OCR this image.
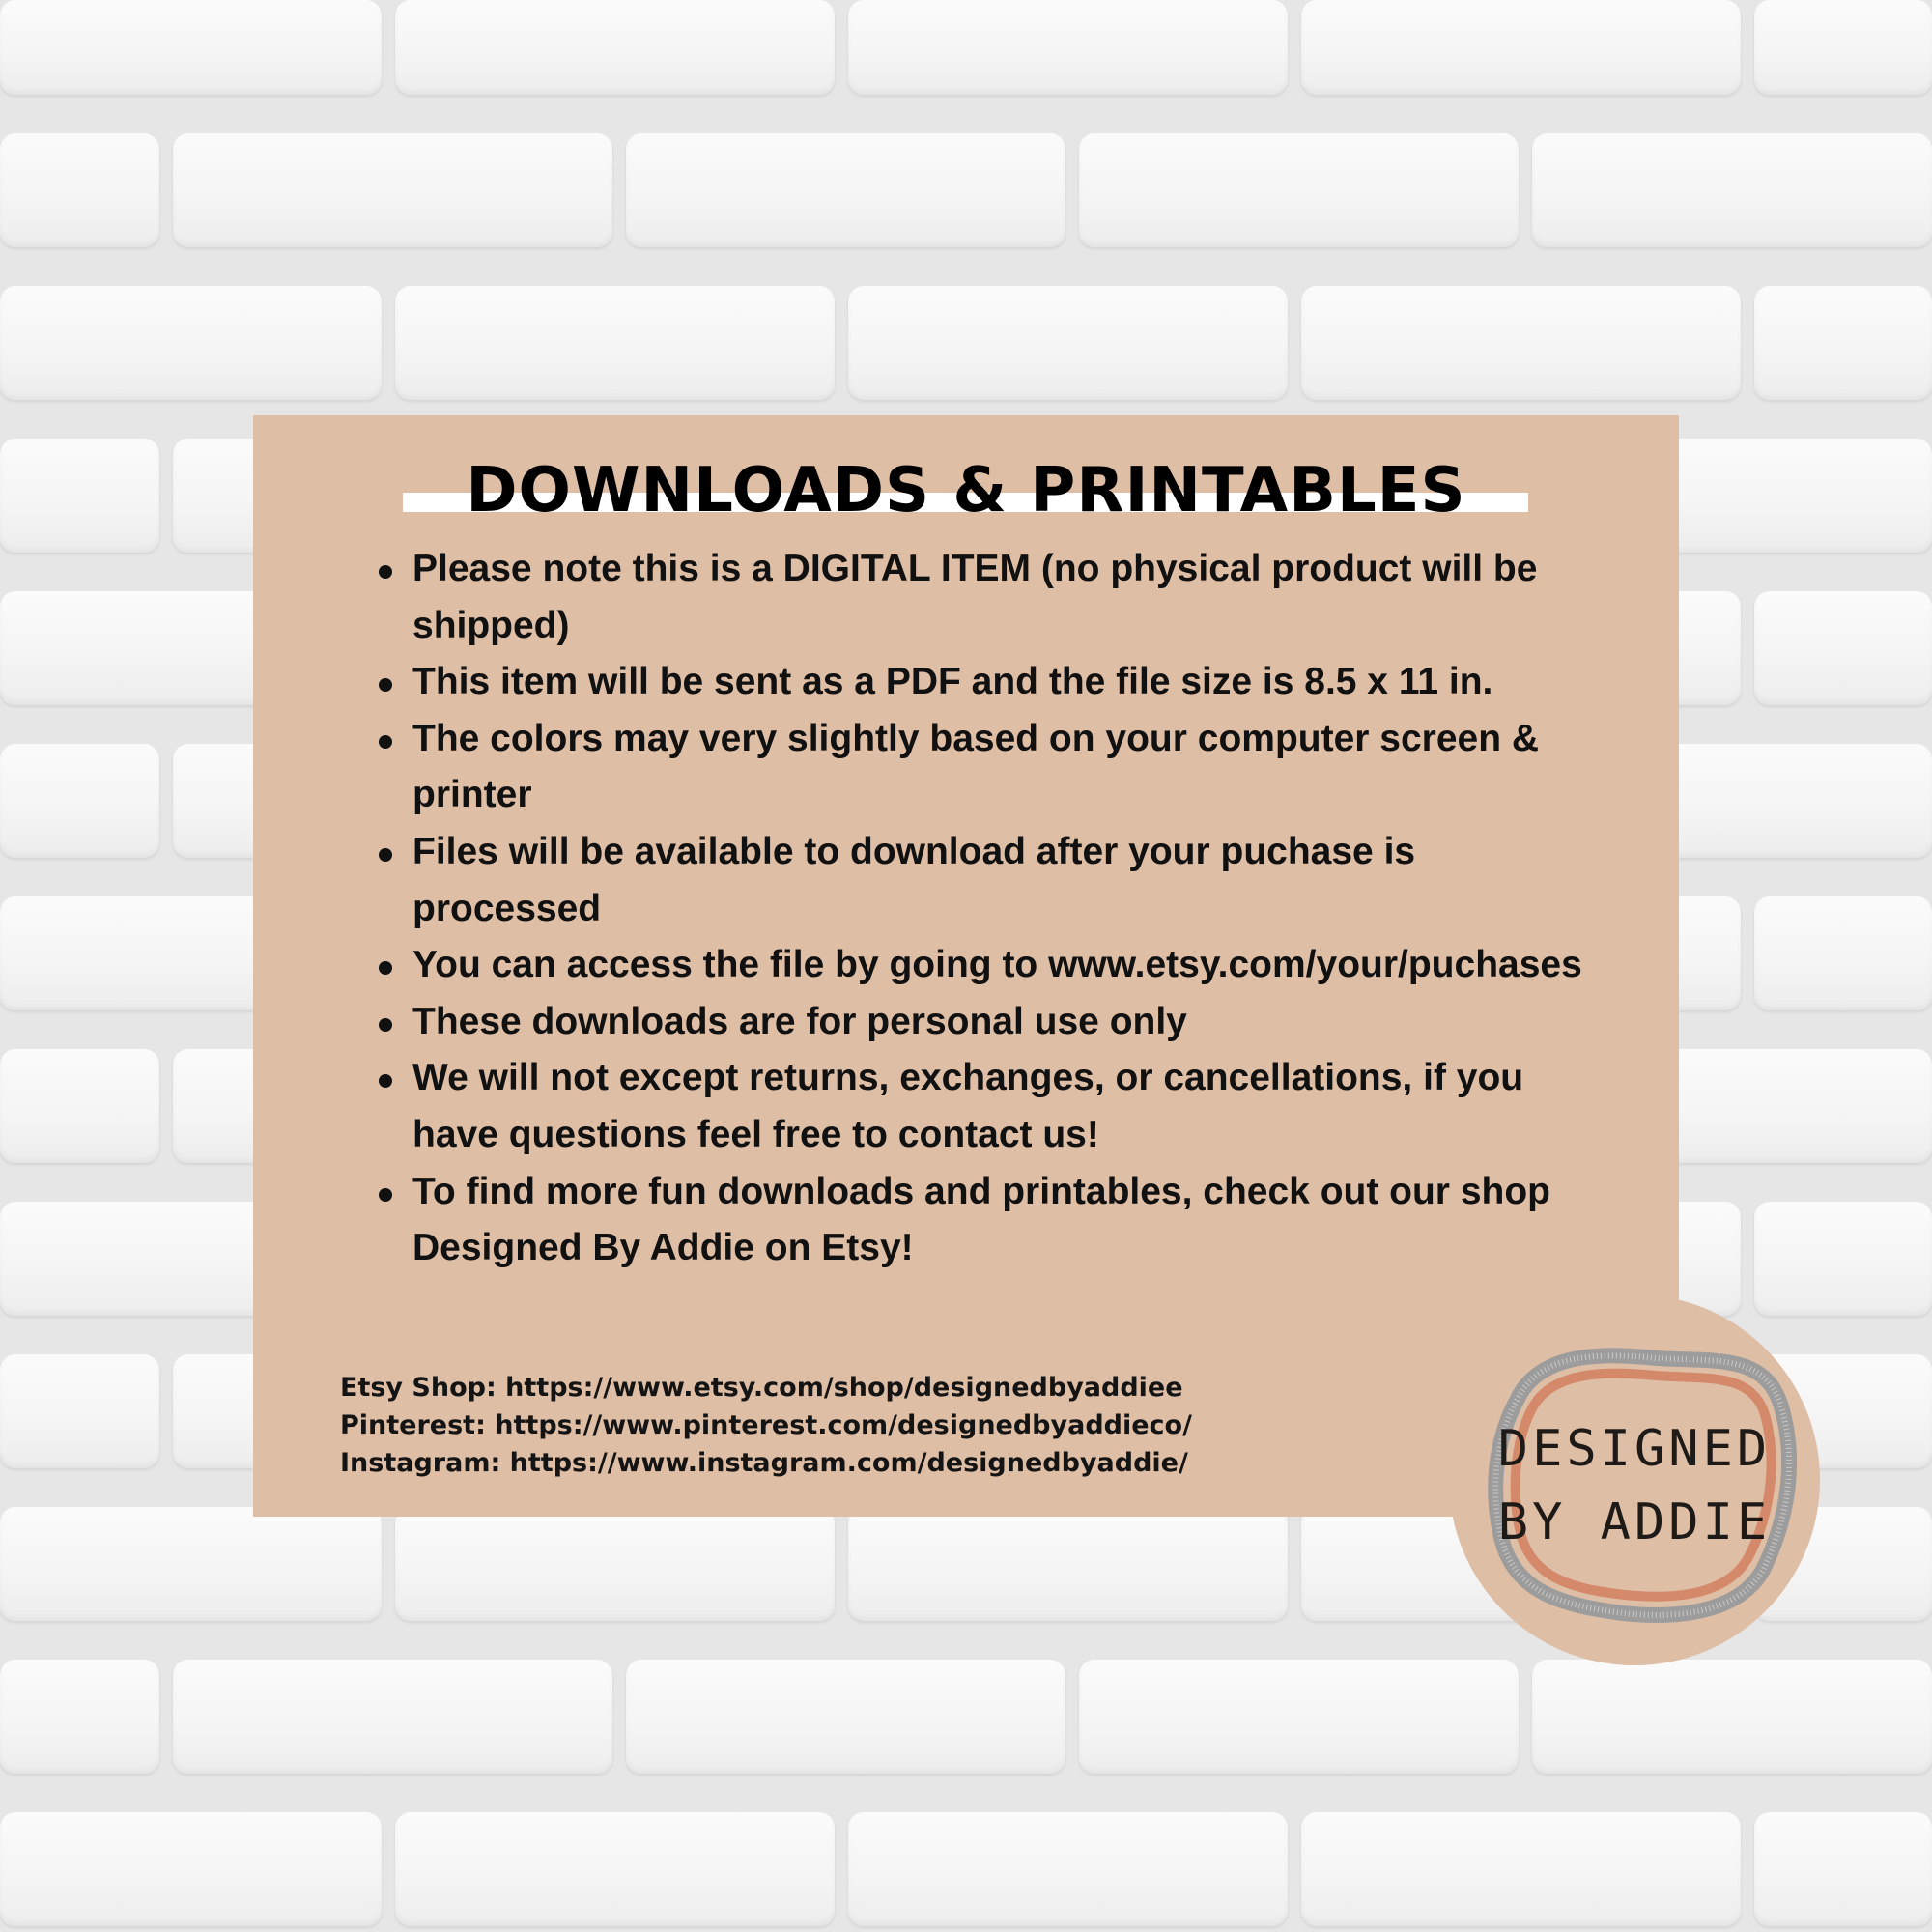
DOWNLOADS & PRINTABLES
Please note this is a DIGITAL ITEM (no physical product will be shipped)
This item will be sent as a PDF and the file size is 8.5 x 11 in.
The colors may very slightly based on your computer screen & printer
Files will be available to download after your puchase is processed
You can access the file by going to www.etsy.com/your/puchases
These downloads are for personal use only
We will not except returns, exchanges, or cancellations, if you have questions feel free to contact us!
To find more fun downloads and printables, check out our shop Designed By Addie on Etsy!
Etsy Shop: https://www.etsy.com/shop/designedbyaddiee
Pinterest: https://www.pinterest.com/designedbyaddieco/
Instagram: https://www.instagram.com/designedbyaddie/	DESIGNED
BY ADDIE
